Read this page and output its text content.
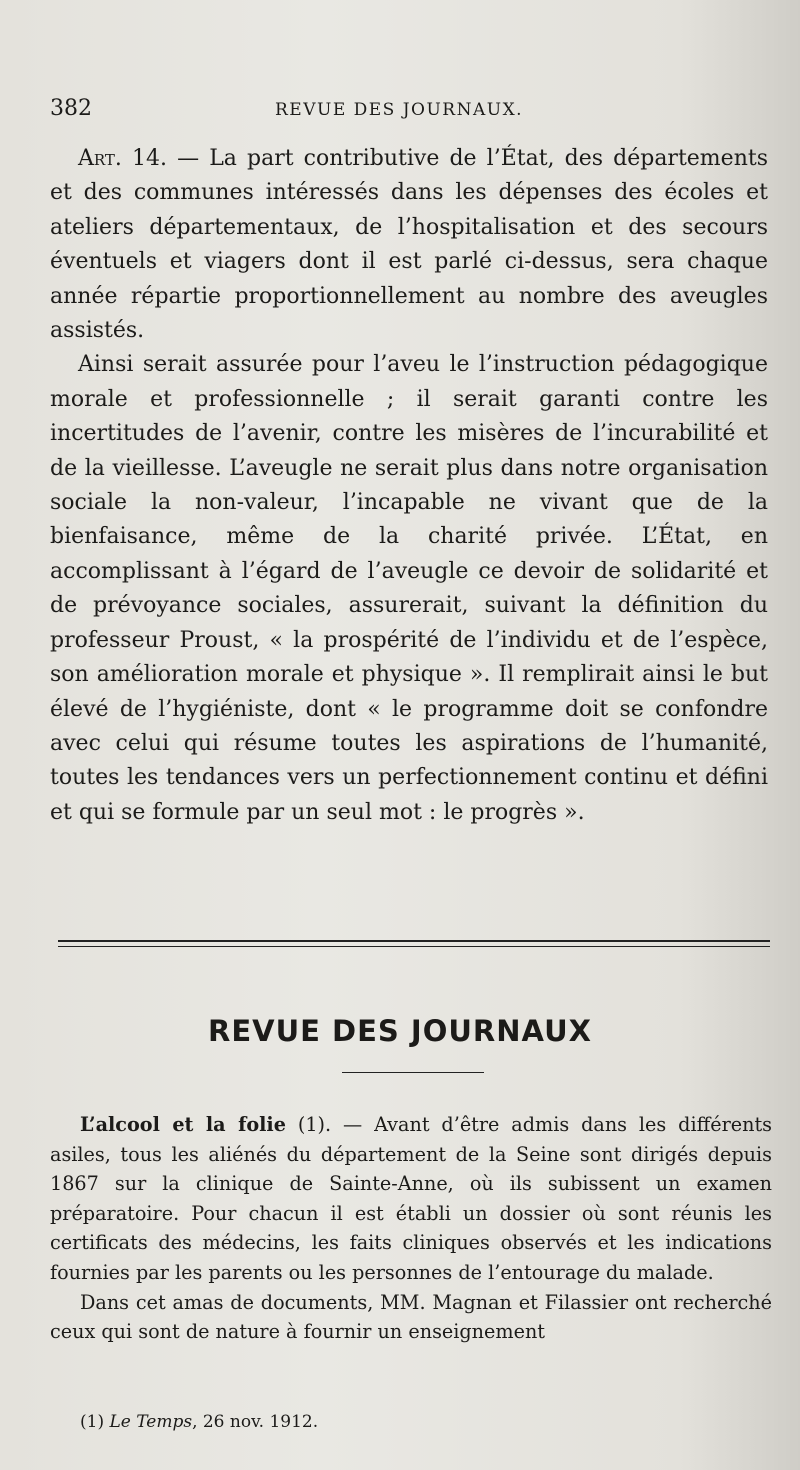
382	REVUE DES JOURNAUX.

Art. 14. — La part contributive de l’État, des départements et des communes intéressés dans les dépenses des écoles et ateliers départementaux, de l’hospitalisation et des secours éventuels et viagers dont il est parlé ci-dessus, sera chaque année répartie proportionnellement au nombre des aveugles assistés.

Ainsi serait assurée pour l’aveu le l’instruction pédagogique morale et professionnelle ; il serait garanti contre les incertitudes de l’avenir, contre les misères de l’incurabilité et de la vieillesse. L’aveugle ne serait plus dans notre organisation sociale la non-valeur, l’incapable ne vivant que de la bienfaisance, même de la charité privée. L’État, en accomplissant à l’égard de l’aveugle ce devoir de solidarité et de prévoyance sociales, assurerait, suivant la définition du professeur Proust, « la prospérité de l’individu et de l’espèce, son amélioration morale et physique ». Il remplirait ainsi le but élevé de l’hygiéniste, dont « le programme doit se confondre avec celui qui résume toutes les aspirations de l’humanité, toutes les tendances vers un perfectionnement continu et défini et qui se formule par un seul mot : le progrès ».

REVUE DES JOURNAUX

L’alcool et la folie (1). — Avant d’être admis dans les différents asiles, tous les aliénés du département de la Seine sont dirigés depuis 1867 sur la clinique de Sainte-Anne, où ils subissent un examen préparatoire. Pour chacun il est établi un dossier où sont réunis les certificats des médecins, les faits cliniques observés et les indications fournies par les parents ou les personnes de l’entourage du malade.

Dans cet amas de documents, MM. Magnan et Filassier ont recherché ceux qui sont de nature à fournir un enseignement

(1) Le Temps, 26 nov. 1912.
